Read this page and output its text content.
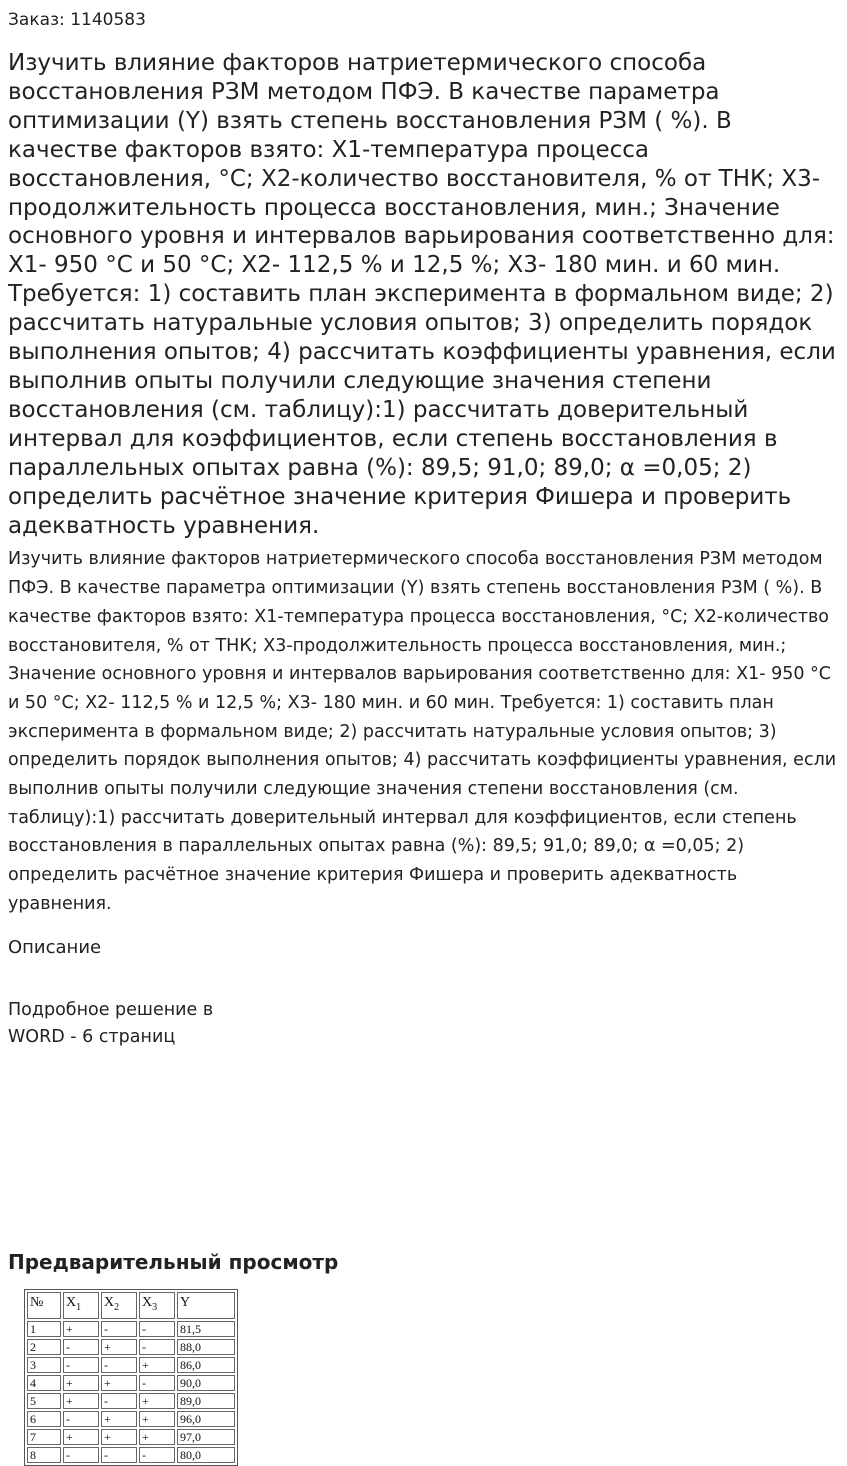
Заказ: 1140583

Изучить влияние факторов натриетермического способа восстановления РЗМ методом ПФЭ. В качестве параметра оптимизации (Y) взять степень восстановления РЗМ ( %). В качестве факторов взято: X1-температура процесса восстановления, °С; X2-количество восстановителя, % от ТНК; X3-продолжительность процесса восстановления, мин.; Значение основного уровня и интервалов варьирования соответственно для: X1- 950 °С и 50 °С; X2- 112,5 % и 12,5 %; X3- 180 мин. и 60 мин. Требуется: 1) составить план эксперимента в формальном виде; 2) рассчитать натуральные условия опытов; 3) определить порядок выполнения опытов; 4) рассчитать коэффициенты уравнения, если выполнив опыты получили следующие значения степени восстановления (см. таблицу):1) рассчитать доверительный интервал для коэффициентов, если степень восстановления в параллельных опытах равна (%): 89,5; 91,0; 89,0; α =0,05; 2) определить расчётное значение критерия Фишера и проверить адекватность уравнения.

Изучить влияние факторов натриетермического способа восстановления РЗМ методом ПФЭ. В качестве параметра оптимизации (Y) взять степень восстановления РЗМ ( %). В качестве факторов взято: X1-температура процесса восстановления, °С; X2-количество восстановителя, % от ТНК; X3-продолжительность процесса восстановления, мин.; Значение основного уровня и интервалов варьирования соответственно для: X1- 950 °С и 50 °С; X2- 112,5 % и 12,5 %; X3- 180 мин. и 60 мин. Требуется: 1) составить план эксперимента в формальном виде; 2) рассчитать натуральные условия опытов; 3) определить порядок выполнения опытов; 4) рассчитать коэффициенты уравнения, если выполнив опыты получили следующие значения степени восстановления (см. таблицу):1) рассчитать доверительный интервал для коэффициентов, если степень восстановления в параллельных опытах равна (%): 89,5; 91,0; 89,0; α =0,05; 2) определить расчётное значение критерия Фишера и проверить адекватность уравнения.

Описание

Подробное решение в WORD - 6 страниц

Предварительный просмотр
№	$X_1$	$X_2$	$X_3$	Y
1	+	-	-	81,5
2	-	+	-	88,0
3	-	-	+	86,0
4	+	+	-	90,0
5	+	-	+	89,0
6	-	+	+	96,0
7	+	+	+	97,0
8	-	-	-	80,0
